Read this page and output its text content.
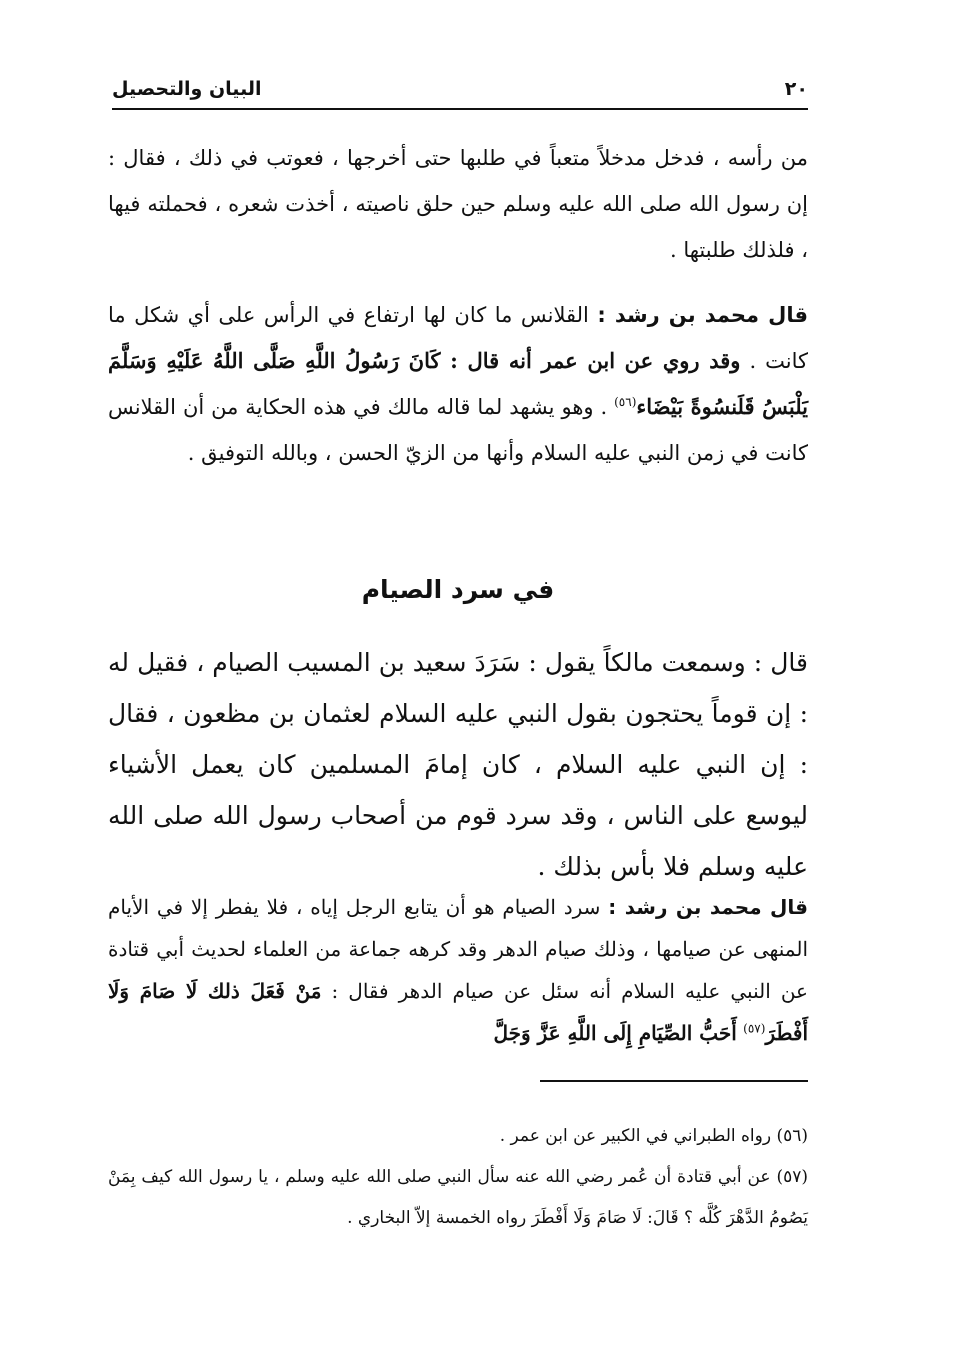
البيان والتحصيل	٢٠

من رأسه ، فدخل مدخلاً متعباً في طلبها حتى أخرجها ، فعوتب في ذلك ، فقال : إن رسول الله صلى الله عليه وسلم حين حلق ناصيته ، أخذت شعره ، فحملته فيها ، فلذلك طلبتها .

قال محمد بن رشد : القلانس ما كان لها ارتفاع في الرأس على أي شكل ما كانت . وقد روي عن ابن عمر أنه قال : كَانَ رَسُولُ اللَّهِ صَلَّى اللَّهُ عَلَيْهِ وَسَلَّمَ يَلْبَسُ قَلَنسُوةً بَيْضَاء$^{(٥٦)}$ . وهو يشهد لما قاله مالك في هذه الحكاية من أن القلانس كانت في زمن النبي عليه السلام وأنها من الزيّ الحسن ، وبالله التوفيق .

في سرد الصيام

قال : وسمعت مالكاً يقول : سَرَدَ سعيد بن المسيب الصيام ، فقيل له : إن قوماً يحتجون بقول النبي عليه السلام لعثمان بن مظعون ، فقال : إن النبي عليه السلام ، كان إمامَ المسلمين كان يعمل الأشياء ليوسع على الناس ، وقد سرد قوم من أصحاب رسول الله صلى الله عليه وسلم فلا بأس بذلك .

قال محمد بن رشد : سرد الصيام هو أن يتابع الرجل إياه ، فلا يفطر إلا في الأيام المنهى عن صيامها ، وذلك صيام الدهر وقد كرهه جماعة من العلماء لحديث أبي قتادة عن النبي عليه السلام أنه سئل عن صيام الدهر فقال : مَنْ فَعَلَ ذلك لَا صَامَ وَلَا أَفْطَرَ$^{(٥٧)}$ أَحَبُّ الصِّيَامِ إِلَى اللَّهِ عَزَّ وَجَلَّ

(٥٦) رواه الطبراني في الكبير عن ابن عمر .

(٥٧) عن أبي قتادة أن عُمر رضي الله عنه سأل النبي صلى الله عليه وسلم ، يا رسول الله كيف بِمَنْ يَصُومُ الدَّهْرَ كُلَّه ؟ قَالَ: لَا صَامَ وَلَا أَفْطَرَ رواه الخمسة إلاّ البخاري .
